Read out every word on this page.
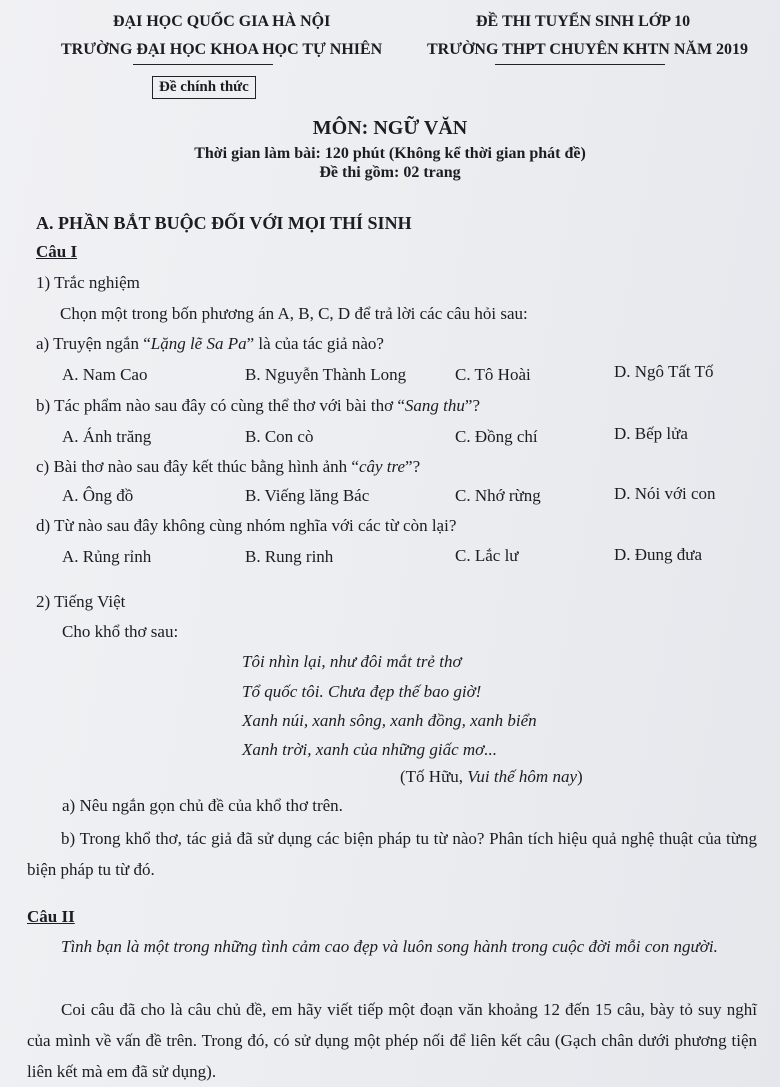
ĐẠI HỌC QUỐC GIA HÀ NỘI
TRƯỜNG ĐẠI HỌC KHOA HỌC TỰ NHIÊN
ĐỀ THI TUYỂN SINH LỚP 10
TRƯỜNG THPT CHUYÊN KHTN NĂM 2019
Đề chính thức
MÔN: NGỮ VĂN
Thời gian làm bài: 120 phút (Không kể thời gian phát đề)
Đề thi gồm: 02 trang
A. PHẦN BẮT BUỘC ĐỐI VỚI MỌI THÍ SINH
Câu I
1) Trắc nghiệm
Chọn một trong bốn phương án A, B, C, D để trả lời các câu hỏi sau:
a) Truyện ngắn “Lặng lẽ Sa Pa” là của tác giả nào?
A. Nam Cao	B. Nguyễn Thành Long	C. Tô Hoài	D. Ngô Tất Tố
b) Tác phẩm nào sau đây có cùng thể thơ với bài thơ “Sang thu”?
A. Ánh trăng	B. Con cò	C. Đồng chí	D. Bếp lửa
c) Bài thơ nào sau đây kết thúc bằng hình ảnh “cây tre”?
A. Ông đồ	B. Viếng lăng Bác	C. Nhớ rừng	D. Nói với con
d) Từ nào sau đây không cùng nhóm nghĩa với các từ còn lại?
A. Rủng rỉnh	B. Rung rinh	C. Lắc lư	D. Đung đưa
2) Tiếng Việt
Cho khổ thơ sau:
Tôi nhìn lại, như đôi mắt trẻ thơ
Tổ quốc tôi. Chưa đẹp thế bao giờ!
Xanh núi, xanh sông, xanh đồng, xanh biển
Xanh trời, xanh của những giấc mơ...
(Tố Hữu, Vui thế hôm nay)
a) Nêu ngắn gọn chủ đề của khổ thơ trên.
b) Trong khổ thơ, tác giả đã sử dụng các biện pháp tu từ nào? Phân tích hiệu quả nghệ thuật của từng biện pháp tu từ đó.
Câu II
Tình bạn là một trong những tình cảm cao đẹp và luôn song hành trong cuộc đời mỗi con người.
Coi câu đã cho là câu chủ đề, em hãy viết tiếp một đoạn văn khoảng 12 đến 15 câu, bày tỏ suy nghĩ của mình về vấn đề trên. Trong đó, có sử dụng một phép nối để liên kết câu (Gạch chân dưới phương tiện liên kết mà em đã sử dụng).
